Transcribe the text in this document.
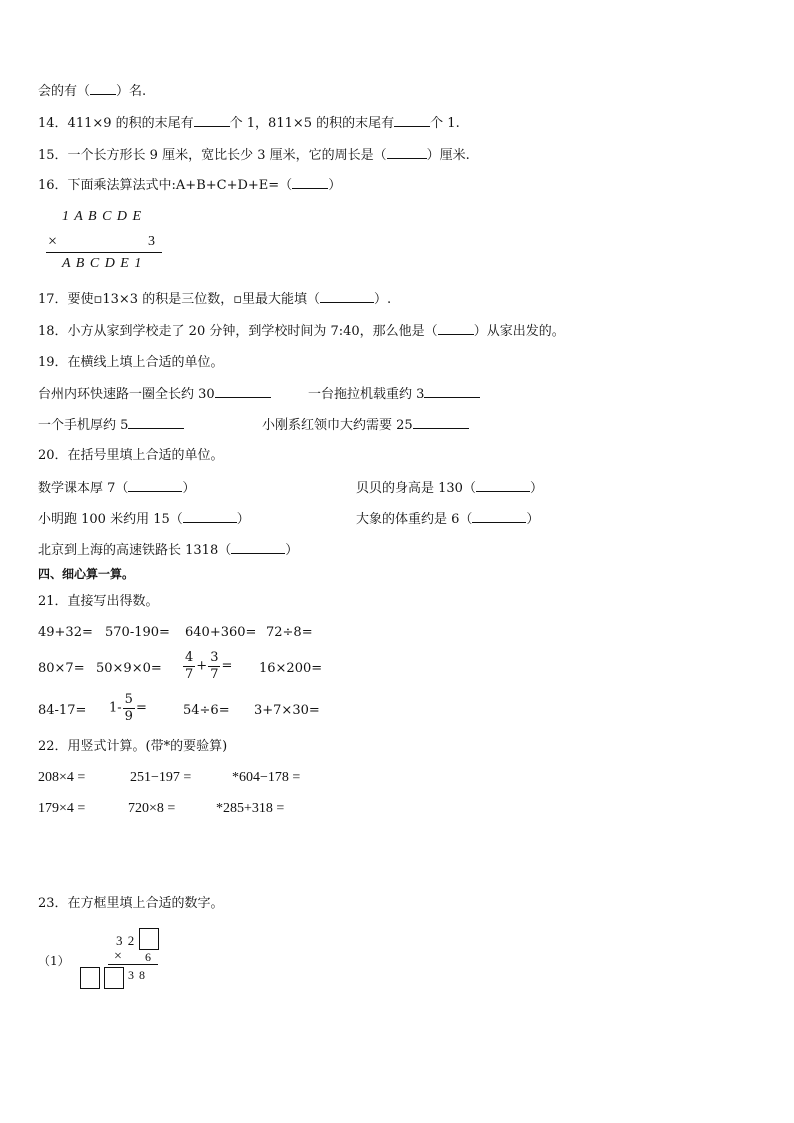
会的有（ ）名.
14．411×9 的积的末尾有	个 1，811×5 的积的末尾有	个 1.
15．一个长方形长 9 厘米，宽比长少 3 厘米，它的周长是（	）厘米.
16．下面乘法算法式中:A+B+C+D+E=（	）
1 A B C D E
×	3
A B C D E 1
17．要使▫13×3 的积是三位数，▫里最大能填（	）.
18．小方从家到学校走了 20 分钟，到学校时间为 7:40，那么他是（	）从家出发的。
19．在横线上填上合适的单位。
台州内环快速路一圈全长约 30	一台拖拉机载重约 3
一个手机厚约 5	小刚系红领巾大约需要 25
20．在括号里填上合适的单位。
数学课本厚 7（	）	贝贝的身高是 130（	）
小明跑 100 米约用 15（	）	大象的体重约是 6（	）
北京到上海的高速铁路长 1318（	）
四、细心算一算。
21．直接写出得数。
49+32= 570-190= 640+360= 72÷8=
$80\times 7= 50\times 9\times 0= \frac{4}{7} + \frac{3}{7} = 16\times 200=$
$84-17= 1- \frac{5}{9}$ =	54÷6= 3+7×30=
22．用竖式计算。(带*的要验算)
208×4 =	251−197 =	*604−178 =
179×4 =	720×8 =	*285+318 =
23．在方框里填上合适的数字。
（1）
3 2
× 6
3 8
